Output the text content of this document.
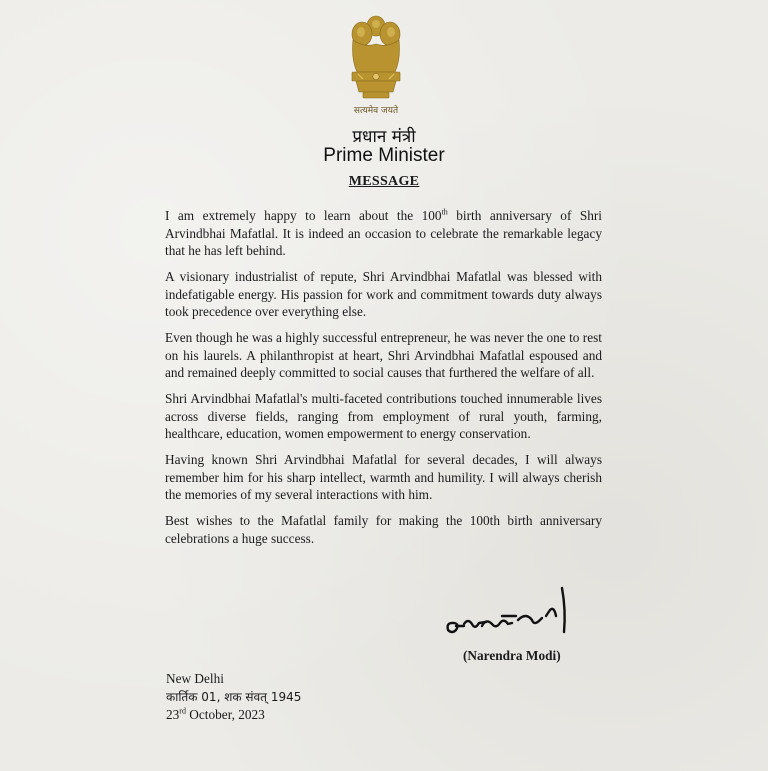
सत्यमेव जयते
प्रधान मंत्री
Prime Minister
MESSAGE

I am extremely happy to learn about the 100th birth anniversary of Shri Arvindbhai Mafatlal. It is indeed an occasion to celebrate the remarkable legacy that he has left behind.

A visionary industrialist of repute, Shri Arvindbhai Mafatlal was blessed with indefatigable energy. His passion for work and commitment towards duty always took precedence over everything else.

Even though he was a highly successful entrepreneur, he was never the one to rest on his laurels. A philanthropist at heart, Shri Arvindbhai Mafatlal espoused and and remained deeply committed to social causes that furthered the welfare of all.

Shri Arvindbhai Mafatlal's multi-faceted contributions touched innumerable lives across diverse fields, ranging from employment of rural youth, farming, healthcare, education, women empowerment to energy conservation.

Having known Shri Arvindbhai Mafatlal for several decades, I will always remember him for his sharp intellect, warmth and humility. I will always cherish the memories of my several interactions with him.

Best wishes to the Mafatlal family for making the 100th birth anniversary celebrations a huge success.

(Narendra Modi)
New Delhi
कार्तिक 01, शक संवत् 1945
23rd October, 2023
